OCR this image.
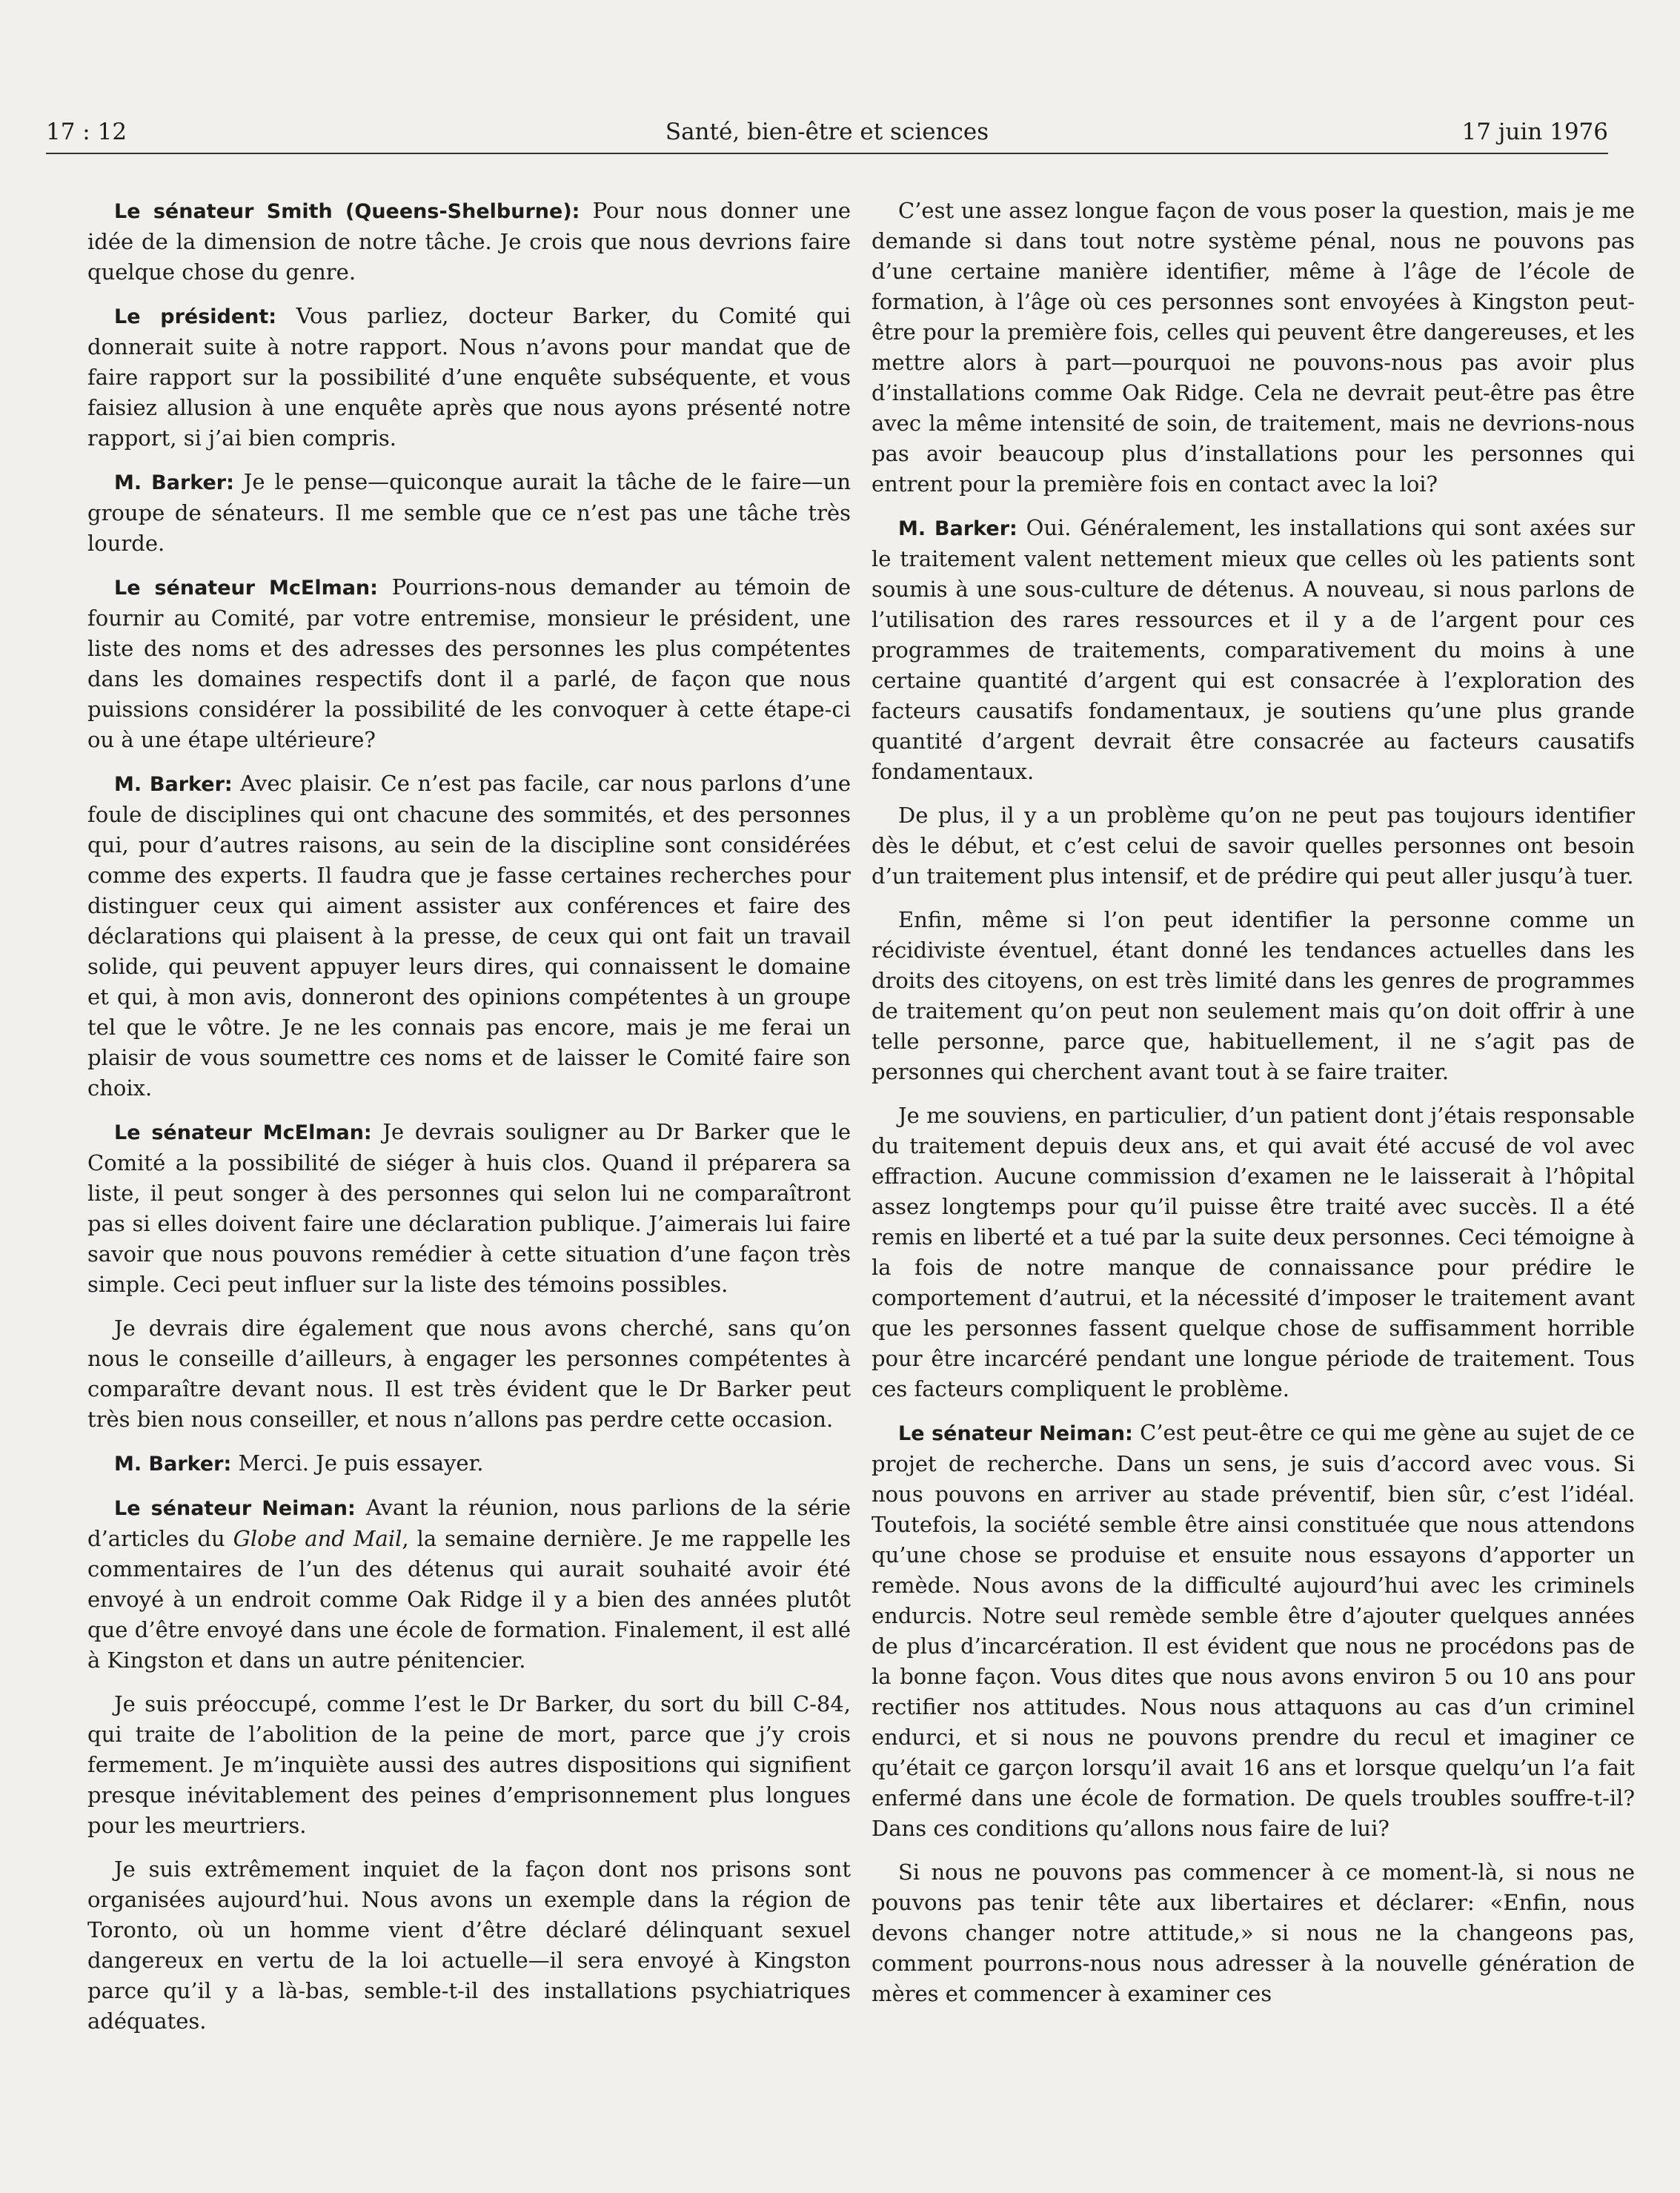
17 : 12	Santé, bien-être et sciences	17 juin 1976

Le sénateur Smith (Queens-Shelburne): Pour nous donner une idée de la dimension de notre tâche. Je crois que nous devrions faire quelque chose du genre.

Le président: Vous parliez, docteur Barker, du Comité qui donnerait suite à notre rapport. Nous n’avons pour mandat que de faire rapport sur la possibilité d’une enquête subséquente, et vous faisiez allusion à une enquête après que nous ayons présenté notre rapport, si j’ai bien compris.

M. Barker: Je le pense—quiconque aurait la tâche de le faire—un groupe de sénateurs. Il me semble que ce n’est pas une tâche très lourde.

Le sénateur McElman: Pourrions-nous demander au témoin de fournir au Comité, par votre entremise, monsieur le président, une liste des noms et des adresses des personnes les plus compétentes dans les domaines respectifs dont il a parlé, de façon que nous puissions considérer la possibilité de les convoquer à cette étape-ci ou à une étape ultérieure?

M. Barker: Avec plaisir. Ce n’est pas facile, car nous parlons d’une foule de disciplines qui ont chacune des sommités, et des personnes qui, pour d’autres raisons, au sein de la discipline sont considérées comme des experts. Il faudra que je fasse certaines recherches pour distinguer ceux qui aiment assister aux conférences et faire des déclarations qui plaisent à la presse, de ceux qui ont fait un travail solide, qui peuvent appuyer leurs dires, qui connaissent le domaine et qui, à mon avis, donneront des opinions compétentes à un groupe tel que le vôtre. Je ne les connais pas encore, mais je me ferai un plaisir de vous soumettre ces noms et de laisser le Comité faire son choix.

Le sénateur McElman: Je devrais souligner au Dr Barker que le Comité a la possibilité de siéger à huis clos. Quand il préparera sa liste, il peut songer à des personnes qui selon lui ne comparaîtront pas si elles doivent faire une déclaration publique. J’aimerais lui faire savoir que nous pouvons remédier à cette situation d’une façon très simple. Ceci peut influer sur la liste des témoins possibles.

Je devrais dire également que nous avons cherché, sans qu’on nous le conseille d’ailleurs, à engager les personnes compétentes à comparaître devant nous. Il est très évident que le Dr Barker peut très bien nous conseiller, et nous n’allons pas perdre cette occasion.

M. Barker: Merci. Je puis essayer.

Le sénateur Neiman: Avant la réunion, nous parlions de la série d’articles du Globe and Mail, la semaine dernière. Je me rappelle les commentaires de l’un des détenus qui aurait souhaité avoir été envoyé à un endroit comme Oak Ridge il y a bien des années plutôt que d’être envoyé dans une école de formation. Finalement, il est allé à Kingston et dans un autre pénitencier.

Je suis préoccupé, comme l’est le Dr Barker, du sort du bill C-84, qui traite de l’abolition de la peine de mort, parce que j’y crois fermement. Je m’inquiète aussi des autres dispositions qui signifient presque inévitablement des peines d’emprisonnement plus longues pour les meurtriers.

Je suis extrêmement inquiet de la façon dont nos prisons sont organisées aujourd’hui. Nous avons un exemple dans la région de Toronto, où un homme vient d’être déclaré délinquant sexuel dangereux en vertu de la loi actuelle—il sera envoyé à Kingston parce qu’il y a là-bas, semble-t-il des installations psychiatriques adéquates.

C’est une assez longue façon de vous poser la question, mais je me demande si dans tout notre système pénal, nous ne pouvons pas d’une certaine manière identifier, même à l’âge de l’école de formation, à l’âge où ces personnes sont envoyées à Kingston peut-être pour la première fois, celles qui peuvent être dangereuses, et les mettre alors à part—pourquoi ne pouvons-nous pas avoir plus d’installations comme Oak Ridge. Cela ne devrait peut-être pas être avec la même intensité de soin, de traitement, mais ne devrions-nous pas avoir beaucoup plus d’installations pour les personnes qui entrent pour la première fois en contact avec la loi?

M. Barker: Oui. Généralement, les installations qui sont axées sur le traitement valent nettement mieux que celles où les patients sont soumis à une sous-culture de détenus. A nouveau, si nous parlons de l’utilisation des rares ressources et il y a de l’argent pour ces programmes de traitements, comparativement du moins à une certaine quantité d’argent qui est consacrée à l’exploration des facteurs causatifs fondamentaux, je soutiens qu’une plus grande quantité d’argent devrait être consacrée au facteurs causatifs fondamentaux.

De plus, il y a un problème qu’on ne peut pas toujours identifier dès le début, et c’est celui de savoir quelles personnes ont besoin d’un traitement plus intensif, et de prédire qui peut aller jusqu’à tuer.

Enfin, même si l’on peut identifier la personne comme un récidiviste éventuel, étant donné les tendances actuelles dans les droits des citoyens, on est très limité dans les genres de programmes de traitement qu’on peut non seulement mais qu’on doit offrir à une telle personne, parce que, habituellement, il ne s’agit pas de personnes qui cherchent avant tout à se faire traiter.

Je me souviens, en particulier, d’un patient dont j’étais responsable du traitement depuis deux ans, et qui avait été accusé de vol avec effraction. Aucune commission d’examen ne le laisserait à l’hôpital assez longtemps pour qu’il puisse être traité avec succès. Il a été remis en liberté et a tué par la suite deux personnes. Ceci témoigne à la fois de notre manque de connaissance pour prédire le comportement d’autrui, et la nécessité d’imposer le traitement avant que les personnes fassent quelque chose de suffisamment horrible pour être incarcéré pendant une longue période de traitement. Tous ces facteurs compliquent le problème.

Le sénateur Neiman: C’est peut-être ce qui me gène au sujet de ce projet de recherche. Dans un sens, je suis d’accord avec vous. Si nous pouvons en arriver au stade préventif, bien sûr, c’est l’idéal. Toutefois, la société semble être ainsi constituée que nous attendons qu’une chose se produise et ensuite nous essayons d’apporter un remède. Nous avons de la difficulté aujourd’hui avec les criminels endurcis. Notre seul remède semble être d’ajouter quelques années de plus d’incarcération. Il est évident que nous ne procédons pas de la bonne façon. Vous dites que nous avons environ 5 ou 10 ans pour rectifier nos attitudes. Nous nous attaquons au cas d’un criminel endurci, et si nous ne pouvons prendre du recul et imaginer ce qu’était ce garçon lorsqu’il avait 16 ans et lorsque quelqu’un l’a fait enfermé dans une école de formation. De quels troubles souffre-t-il? Dans ces conditions qu’allons nous faire de lui?

Si nous ne pouvons pas commencer à ce moment-là, si nous ne pouvons pas tenir tête aux libertaires et déclarer: «Enfin, nous devons changer notre attitude,» si nous ne la changeons pas, comment pourrons-nous nous adresser à la nouvelle génération de mères et commencer à examiner ces
